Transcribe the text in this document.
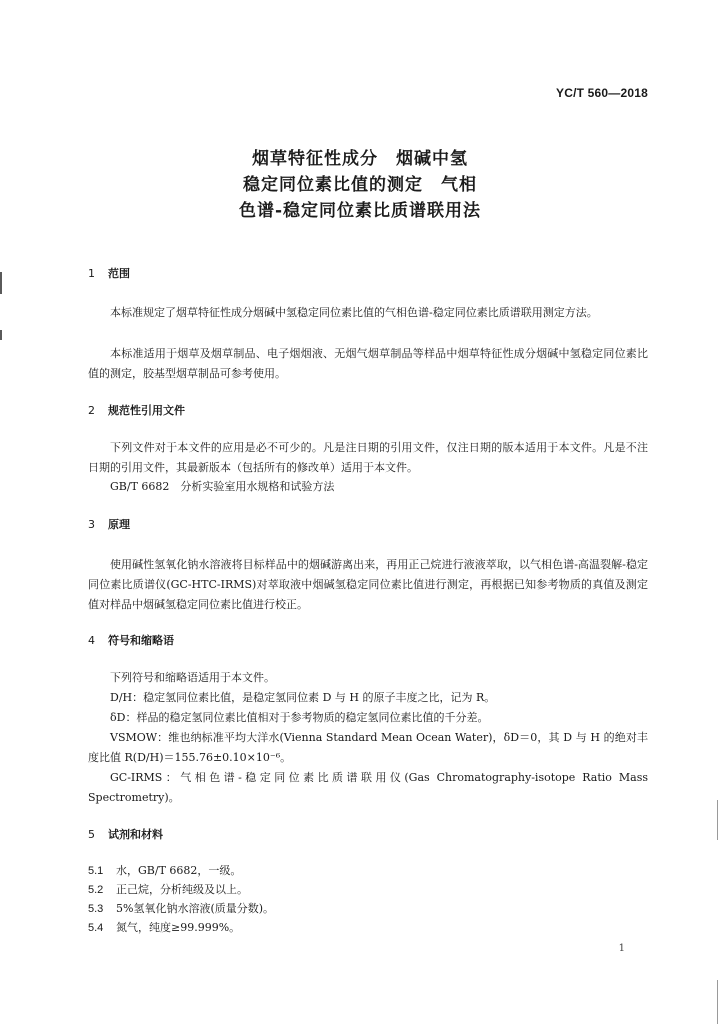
YC/T 560—2018
烟草特征性成分　烟碱中氢
稳定同位素比值的测定　气相
色谱-稳定同位素比质谱联用法
1 范围

本标准规定了烟草特征性成分烟碱中氢稳定同位素比值的气相色谱-稳定同位素比质谱联用测定方法。

本标准适用于烟草及烟草制品、电子烟烟液、无烟气烟草制品等样品中烟草特征性成分烟碱中氢稳定同位素比值的测定，胶基型烟草制品可参考使用。

2 规范性引用文件

下列文件对于本文件的应用是必不可少的。凡是注日期的引用文件，仅注日期的版本适用于本文件。凡是不注日期的引用文件，其最新版本（包括所有的修改单）适用于本文件。

GB/T 6682　分析实验室用水规格和试验方法

3 原理

使用碱性氢氧化钠水溶液将目标样品中的烟碱游离出来，再用正己烷进行液液萃取，以气相色谱-高温裂解-稳定同位素比质谱仪(GC-HTC-IRMS)对萃取液中烟碱氢稳定同位素比值进行测定，再根据已知参考物质的真值及测定值对样品中烟碱氢稳定同位素比值进行校正。

4 符号和缩略语

下列符号和缩略语适用于本文件。

D/H：稳定氢同位素比值，是稳定氢同位素 D 与 H 的原子丰度之比，记为 R。

δD：样品的稳定氢同位素比值相对于参考物质的稳定氢同位素比值的千分差。

VSMOW：维也纳标准平均大洋水(Vienna Standard Mean Ocean Water)，δD＝0，其 D 与 H 的绝对丰度比值 R(D/H)＝155.76±0.10×10⁻⁶。

GC-IRMS：气相色谱-稳定同位素比质谱联用仪(Gas Chromatography-isotope Ratio Mass Spectrometry)。

5 试剂和材料
5.1 水，GB/T 6682，一级。
5.2 正己烷，分析纯级及以上。
5.3 5%氢氧化钠水溶液(质量分数)。
5.4 氮气，纯度≥99.999%。
1
